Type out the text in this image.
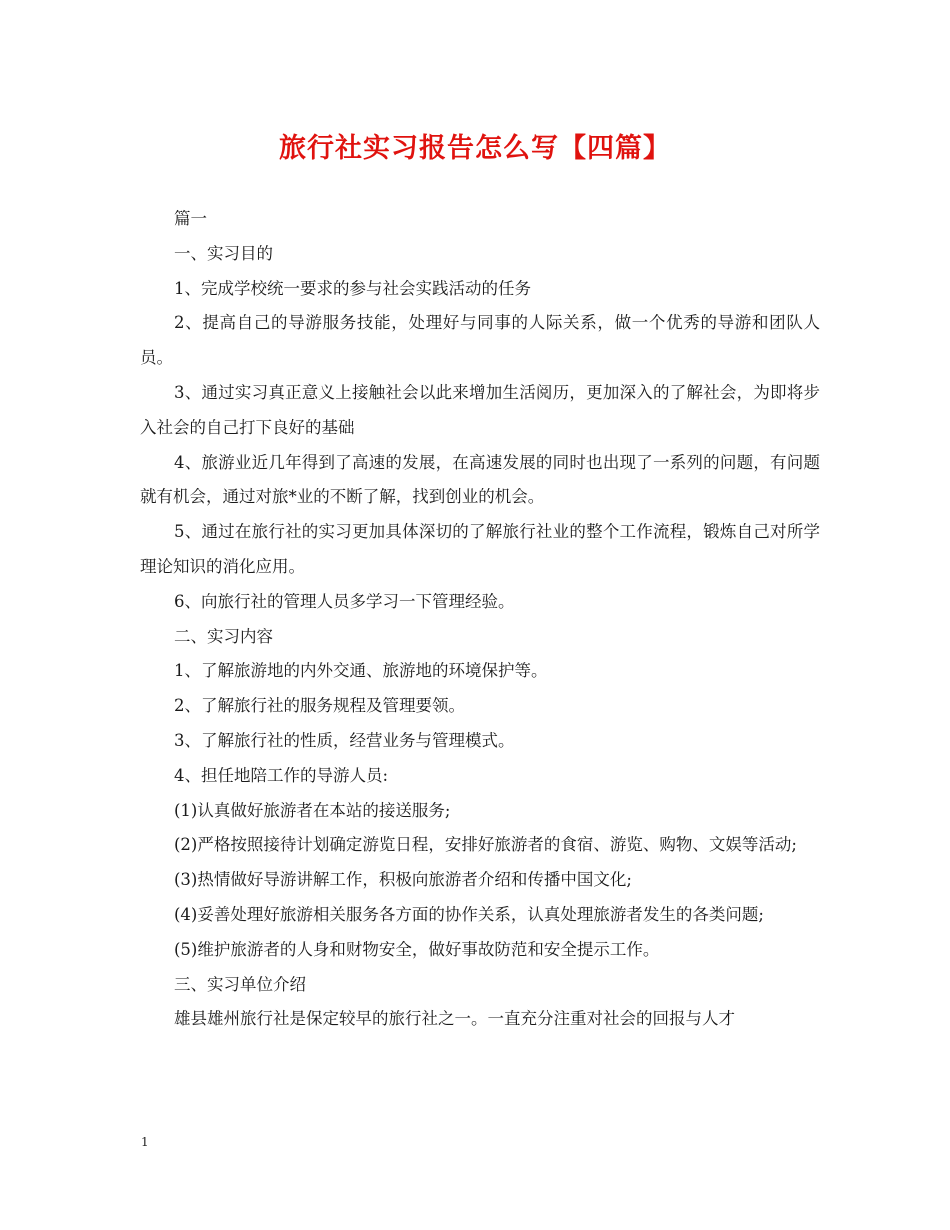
旅行社实习报告怎么写【四篇】

篇一

一、实习目的

1、完成学校统一要求的参与社会实践活动的任务

2、提高自己的导游服务技能，处理好与同事的人际关系，做一个优秀的导游和团队人员。

3、通过实习真正意义上接触社会以此来增加生活阅历，更加深入的了解社会，为即将步入社会的自己打下良好的基础

4、旅游业近几年得到了高速的发展，在高速发展的同时也出现了一系列的问题，有问题就有机会，通过对旅*业的不断了解，找到创业的机会。

5、通过在旅行社的实习更加具体深切的了解旅行社业的整个工作流程，锻炼自己对所学理论知识的消化应用。

6、向旅行社的管理人员多学习一下管理经验。

二、实习内容

1、了解旅游地的内外交通、旅游地的环境保护等。

2、了解旅行社的服务规程及管理要领。

3、了解旅行社的性质，经营业务与管理模式。

4、担任地陪工作的导游人员:

(1)认真做好旅游者在本站的接送服务;

(2)严格按照接待计划确定游览日程，安排好旅游者的食宿、游览、购物、文娱等活动;

(3)热情做好导游讲解工作，积极向旅游者介绍和传播中国文化;

(4)妥善处理好旅游相关服务各方面的协作关系，认真处理旅游者发生的各类问题;

(5)维护旅游者的人身和财物安全，做好事故防范和安全提示工作。

三、实习单位介绍

雄县雄州旅行社是保定较早的旅行社之一。一直充分注重对社会的回报与人才

1
